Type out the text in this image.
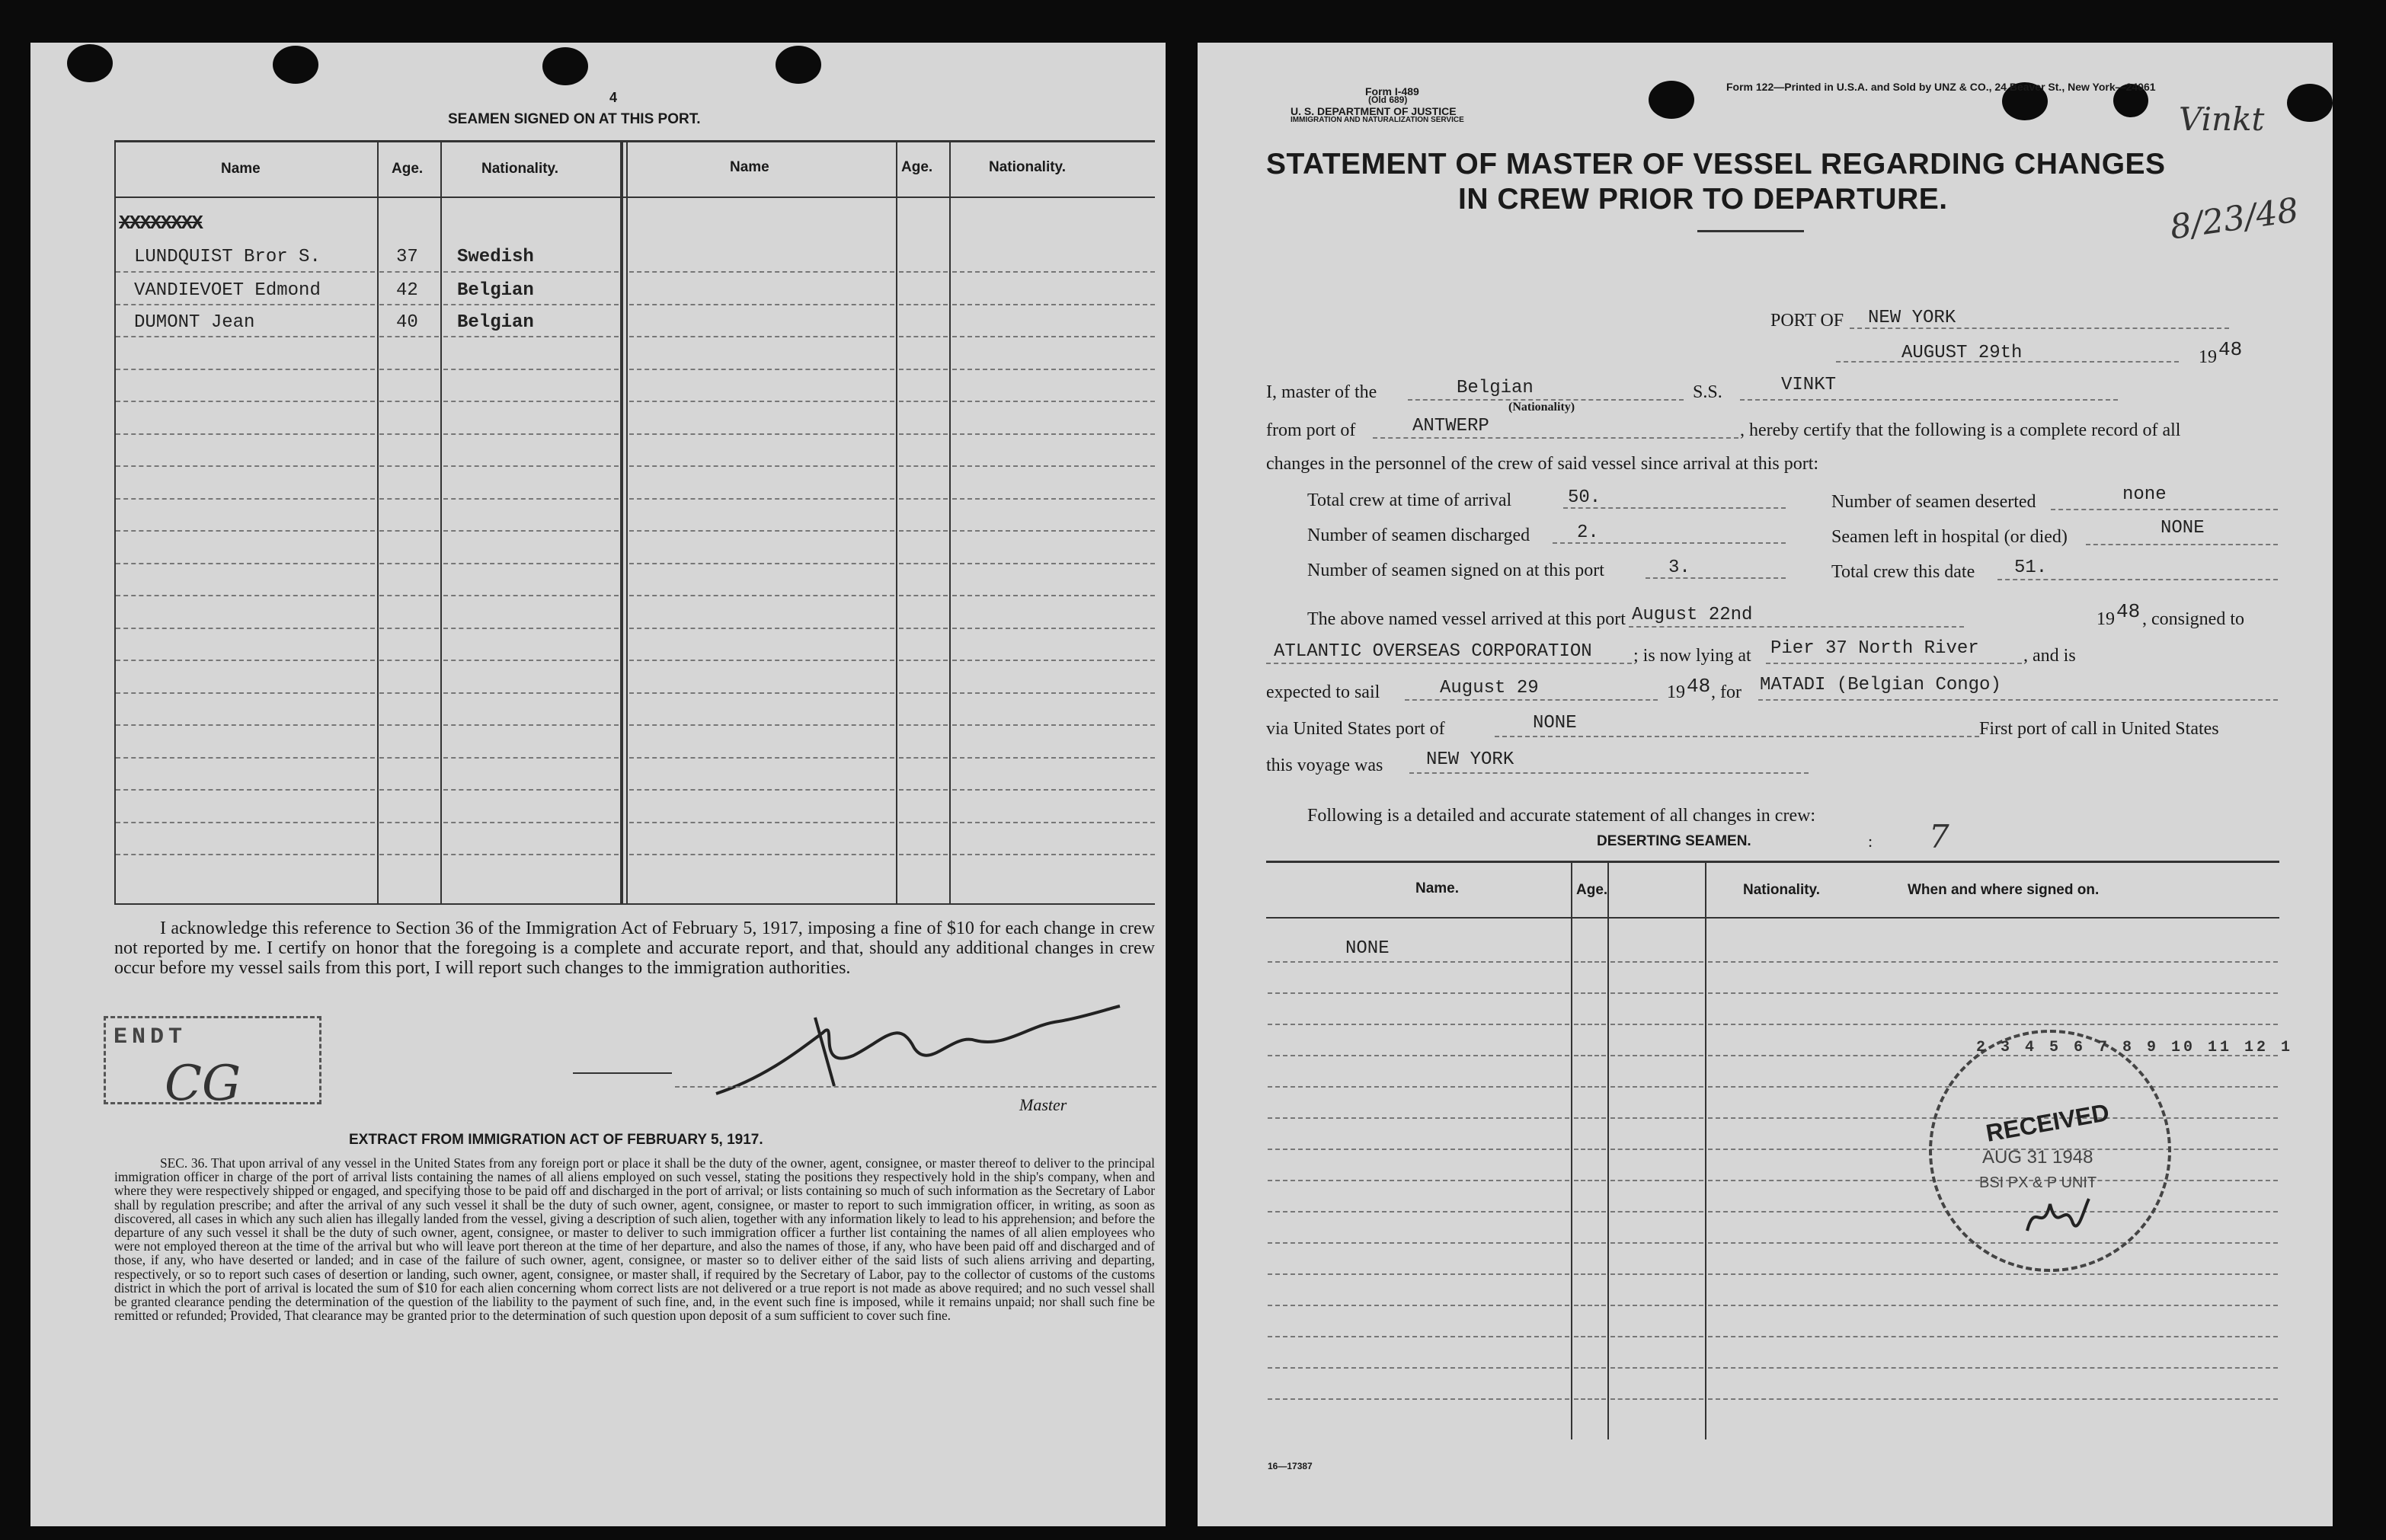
4
SEAMEN SIGNED ON AT THIS PORT.
Name	Age.	Nationality.	Name	Age.	Nationality.
XXXXXXXX
LUNDQUIST Bror S.	37 Swedish
VANDIEVOET Edmond	42 Belgian
DUMONT Jean	40 Belgian
I acknowledge this reference to Section 36 of the Immigration Act of February 5, 1917, imposing a fine of $10 for each change in crew not reported by me. I certify on honor that the foregoing is a complete and accurate report, and that, should any additional changes in crew occur before my vessel sails from this port, I will report such changes to the immigration authorities.
ENDT
CG	Master
EXTRACT FROM IMMIGRATION ACT OF FEBRUARY 5, 1917.
SEC. 36. That upon arrival of any vessel in the United States from any foreign port or place it shall be the duty of the owner, agent, consignee, or master thereof to deliver to the principal immigration officer in charge of the port of arrival lists containing the names of all aliens employed on such vessel, stating the positions they respectively hold in the ship's company, when and where they were respectively shipped or engaged, and specifying those to be paid off and discharged in the port of arrival; or lists containing so much of such information as the Secretary of Labor shall by regulation prescribe; and after the arrival of any such vessel it shall be the duty of such owner, agent, consignee, or master to report to such immigration officer, in writing, as soon as discovered, all cases in which any such alien has illegally landed from the vessel, giving a description of such alien, together with any information likely to lead to his apprehension; and before the departure of any such vessel it shall be the duty of such owner, agent, consignee, or master to deliver to such immigration officer a further list containing the names of all alien employees who were not employed thereon at the time of the arrival but who will leave port thereon at the time of her departure, and also the names of those, if any, who have been paid off and discharged and of those, if any, who have deserted or landed; and in case of the failure of such owner, agent, consignee, or master so to deliver either of the said lists of such aliens arriving and departing, respectively, or so to report such cases of desertion or landing, such owner, agent, consignee, or master shall, if required by the Secretary of Labor, pay to the collector of customs of the customs district in which the port of arrival is located the sum of $10 for each alien concerning whom correct lists are not delivered or a true report is not made as above required; and no such vessel shall be granted clearance pending the determination of the question of the liability to the payment of such fine, and, in the event such fine is imposed, while it remains unpaid; nor shall such fine be remitted or refunded; Provided, That clearance may be granted prior to the determination of such question upon deposit of a sum sufficient to cover such fine.
Form I-489
(Old 689)
U. S. DEPARTMENT OF JUSTICE
IMMIGRATION AND NATURALIZATION SERVICE
Form 122—Printed in U.S.A. and Sold by UNZ & CO., 24 Beaver St., New York—24061
Vinkt
8/23/48
STATEMENT OF MASTER OF VESSEL REGARDING CHANGES
IN CREW PRIOR TO DEPARTURE.
PORT OF NEW YORK
AUGUST 29th	19 48
I, master of the	Belgian
(Nationality)
S.S.	VINKT
from port of	ANTWERP	, hereby certify that the following is a complete record of all
changes in the personnel of the crew of said vessel since arrival at this port:
Total crew at time of arrival	50.	Number of seamen deserted	none
Number of seamen discharged	2.	Seamen left in hospital (or died)	NONE
Number of seamen signed on at this port	3.	Total crew this date 51.
The above named vessel arrived at this port August 22nd	19 48 , consigned to
ATLANTIC OVERSEAS CORPORATION ; is now lying at Pier 37 North River , and is
expected to sail	August 29	19 48 , for MATADI (Belgian Congo)
via United States port of	NONE	First port of call in United States
this voyage was NEW YORK
Following is a detailed and accurate statement of all changes in crew:
DESERTING SEAMEN.	: 7
Name.	Age.	Nationality.	When and where signed on.
NONE
2 3 4 5 6 7 8 9 10 11 12 1
RECEIVED
AUG 31 1948
BSI PX & P UNIT
16—17387
